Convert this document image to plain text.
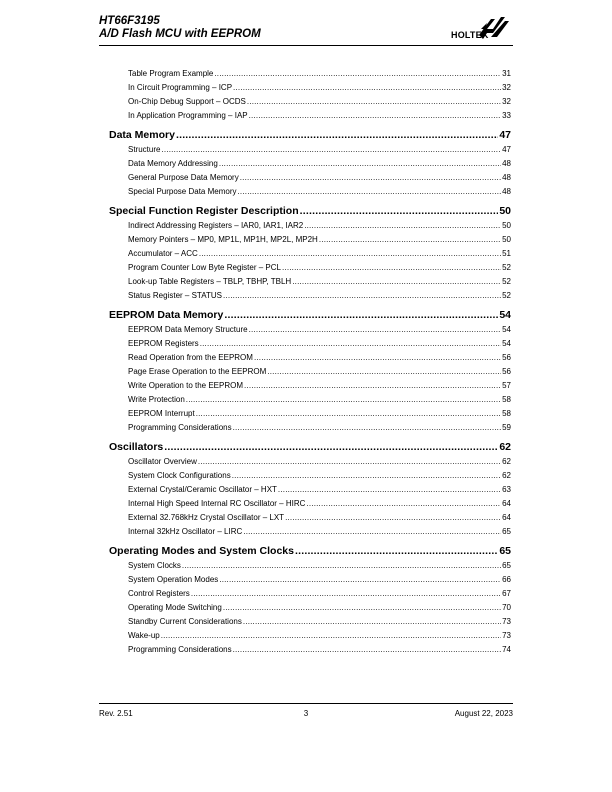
HT66F3195
A/D Flash MCU with EEPROM	HOLTEK
Table Program Example .....	31
In Circuit Programming – ICP .....	32
On-Chip Debug Support – OCDS .....	32
In Application Programming – IAP .....	33
Data Memory .....	47
Structure .....	47
Data Memory Addressing .....	48
General Purpose Data Memory .....	48
Special Purpose Data Memory .....	48
Special Function Register Description .....	50
Indirect Addressing Registers – IAR0, IAR1, IAR2 .....	50
Memory Pointers – MP0, MP1L, MP1H, MP2L, MP2H .....	50
Accumulator – ACC .....	51
Program Counter Low Byte Register – PCL .....	52
Look-up Table Registers – TBLP, TBHP, TBLH .....	52
Status Register – STATUS .....	52
EEPROM Data Memory .....	54
EEPROM Data Memory Structure .....	54
EEPROM Registers .....	54
Read Operation from the EEPROM .....	56
Page Erase Operation to the EEPROM .....	56
Write Operation to the EEPROM .....	57
Write Protection .....	58
EEPROM Interrupt .....	58
Programming Considerations .....	59
Oscillators .....	62
Oscillator Overview .....	62
System Clock Configurations .....	62
External Crystal/Ceramic Oscillator – HXT .....	63
Internal High Speed Internal RC Oscillator – HIRC .....	64
External 32.768kHz Crystal Oscillator – LXT .....	64
Internal 32kHz Oscillator – LIRC .....	65
Operating Modes and System Clocks .....	65
System Clocks .....	65
System Operation Modes .....	66
Control Registers .....	67
Operating Mode Switching .....	70
Standby Current Considerations .....	73
Wake-up .....	73
Programming Considerations .....	74
Rev. 2.51	3	August 22, 2023
